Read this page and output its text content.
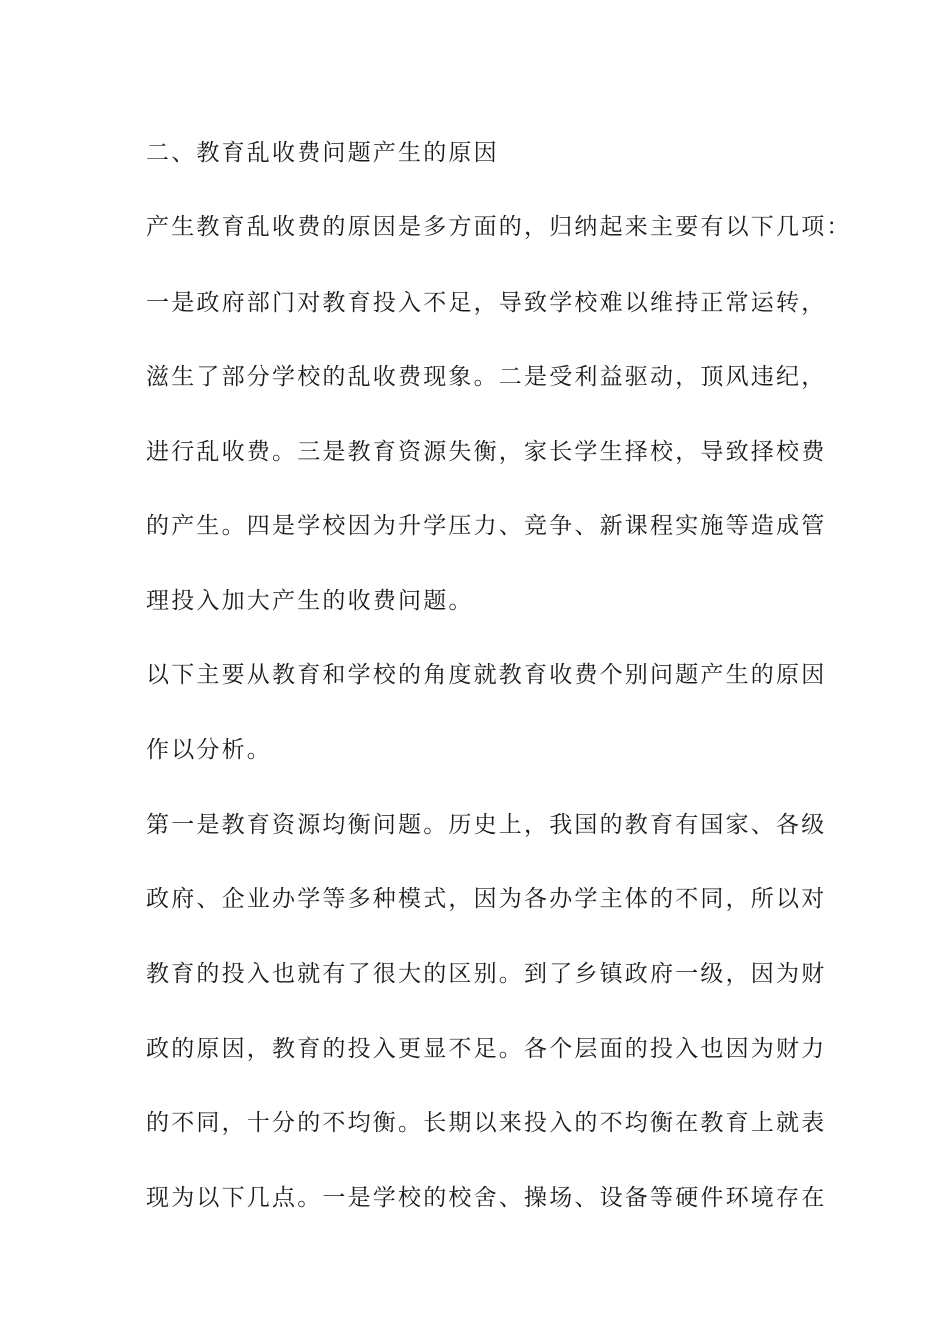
二、教育乱收费问题产生的原因
产生教育乱收费的原因是多方面的，归纳起来主要有以下几项：
一是政府部门对教育投入不足，导致学校难以维持正常运转，
滋生了部分学校的乱收费现象。二是受利益驱动，顶风违纪，
进行乱收费。三是教育资源失衡，家长学生择校，导致择校费
的产生。四是学校因为升学压力、竞争、新课程实施等造成管
理投入加大产生的收费问题。
以下主要从教育和学校的角度就教育收费个别问题产生的原因
作以分析。
第一是教育资源均衡问题。历史上，我国的教育有国家、各级
政府、企业办学等多种模式，因为各办学主体的不同，所以对
教育的投入也就有了很大的区别。到了乡镇政府一级，因为财
政的原因，教育的投入更显不足。各个层面的投入也因为财力
的不同，十分的不均衡。长期以来投入的不均衡在教育上就表
现为以下几点。一是学校的校舍、操场、设备等硬件环境存在
